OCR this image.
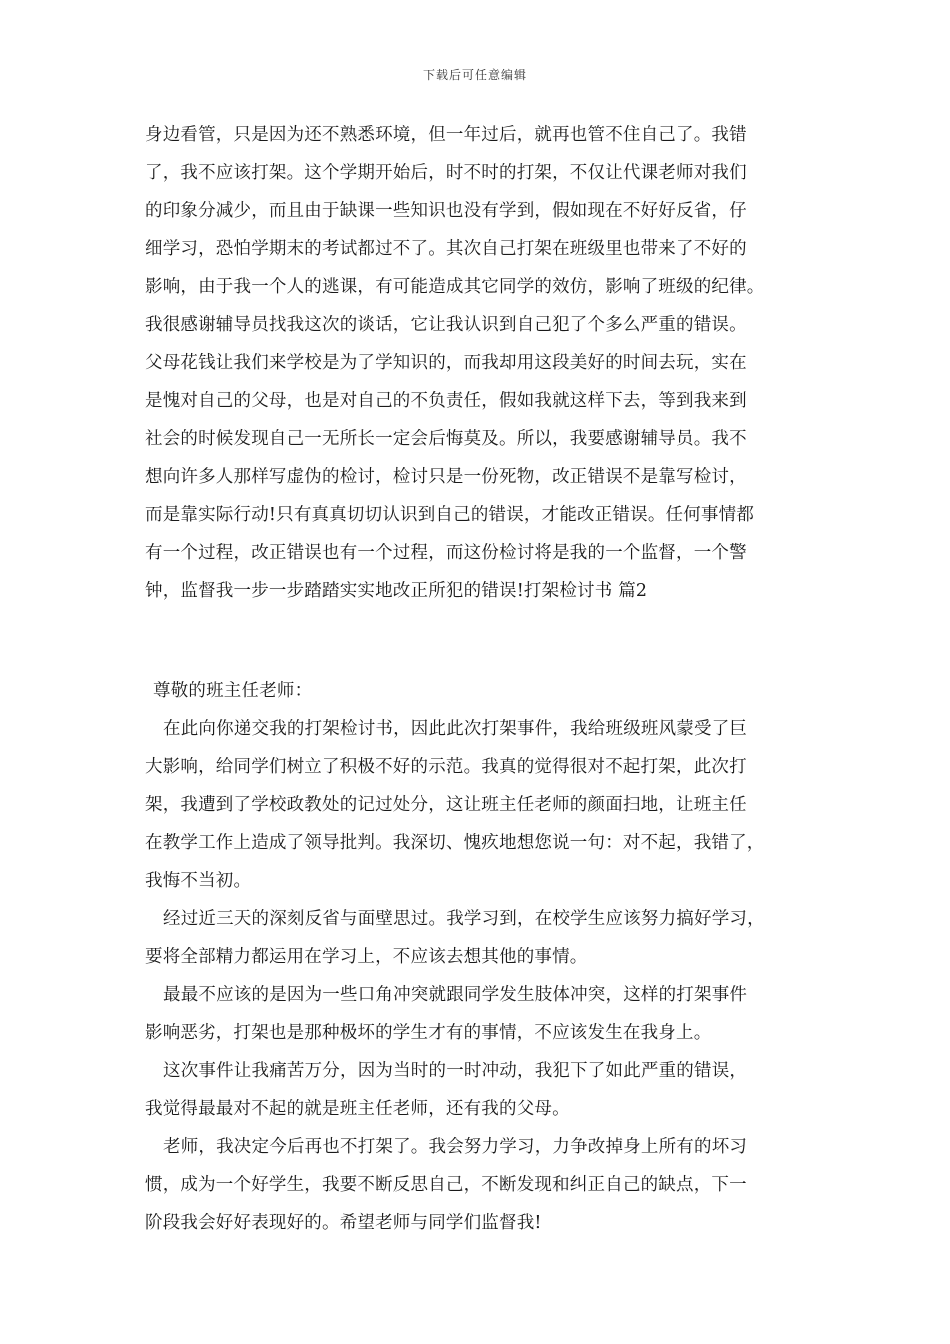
下载后可任意编辑
身边看管，只是因为还不熟悉环境，但一年过后，就再也管不住自己了。我错
了，我不应该打架。这个学期开始后，时不时的打架，不仅让代课老师对我们
的印象分减少，而且由于缺课一些知识也没有学到，假如现在不好好反省，仔
细学习，恐怕学期末的考试都过不了。其次自己打架在班级里也带来了不好的
影响，由于我一个人的逃课，有可能造成其它同学的效仿，影响了班级的纪律。
我很感谢辅导员找我这次的谈话，它让我认识到自己犯了个多么严重的错误。
父母花钱让我们来学校是为了学知识的，而我却用这段美好的时间去玩，实在
是愧对自己的父母，也是对自己的不负责任，假如我就这样下去，等到我来到
社会的时候发现自己一无所长一定会后悔莫及。所以，我要感谢辅导员。我不
想向许多人那样写虚伪的检讨，检讨只是一份死物，改正错误不是靠写检讨，
而是靠实际行动!只有真真切切认识到自己的错误，才能改正错误。任何事情都
有一个过程，改正错误也有一个过程，而这份检讨将是我的一个监督，一个警
钟，监督我一步一步踏踏实实地改正所犯的错误!打架检讨书 篇2
尊敬的班主任老师：
在此向你递交我的打架检讨书，因此此次打架事件，我给班级班风蒙受了巨
大影响，给同学们树立了积极不好的示范。我真的觉得很对不起打架，此次打
架，我遭到了学校政教处的记过处分，这让班主任老师的颜面扫地，让班主任
在教学工作上造成了领导批判。我深切、愧疚地想您说一句：对不起，我错了，
我悔不当初。
经过近三天的深刻反省与面壁思过。我学习到，在校学生应该努力搞好学习，
要将全部精力都运用在学习上，不应该去想其他的事情。
最最不应该的是因为一些口角冲突就跟同学发生肢体冲突，这样的打架事件
影响恶劣，打架也是那种极坏的学生才有的事情，不应该发生在我身上。
这次事件让我痛苦万分，因为当时的一时冲动，我犯下了如此严重的错误，
我觉得最最对不起的就是班主任老师，还有我的父母。
老师，我决定今后再也不打架了。我会努力学习，力争改掉身上所有的坏习
惯，成为一个好学生，我要不断反思自己，不断发现和纠正自己的缺点，下一
阶段我会好好表现好的。希望老师与同学们监督我!
